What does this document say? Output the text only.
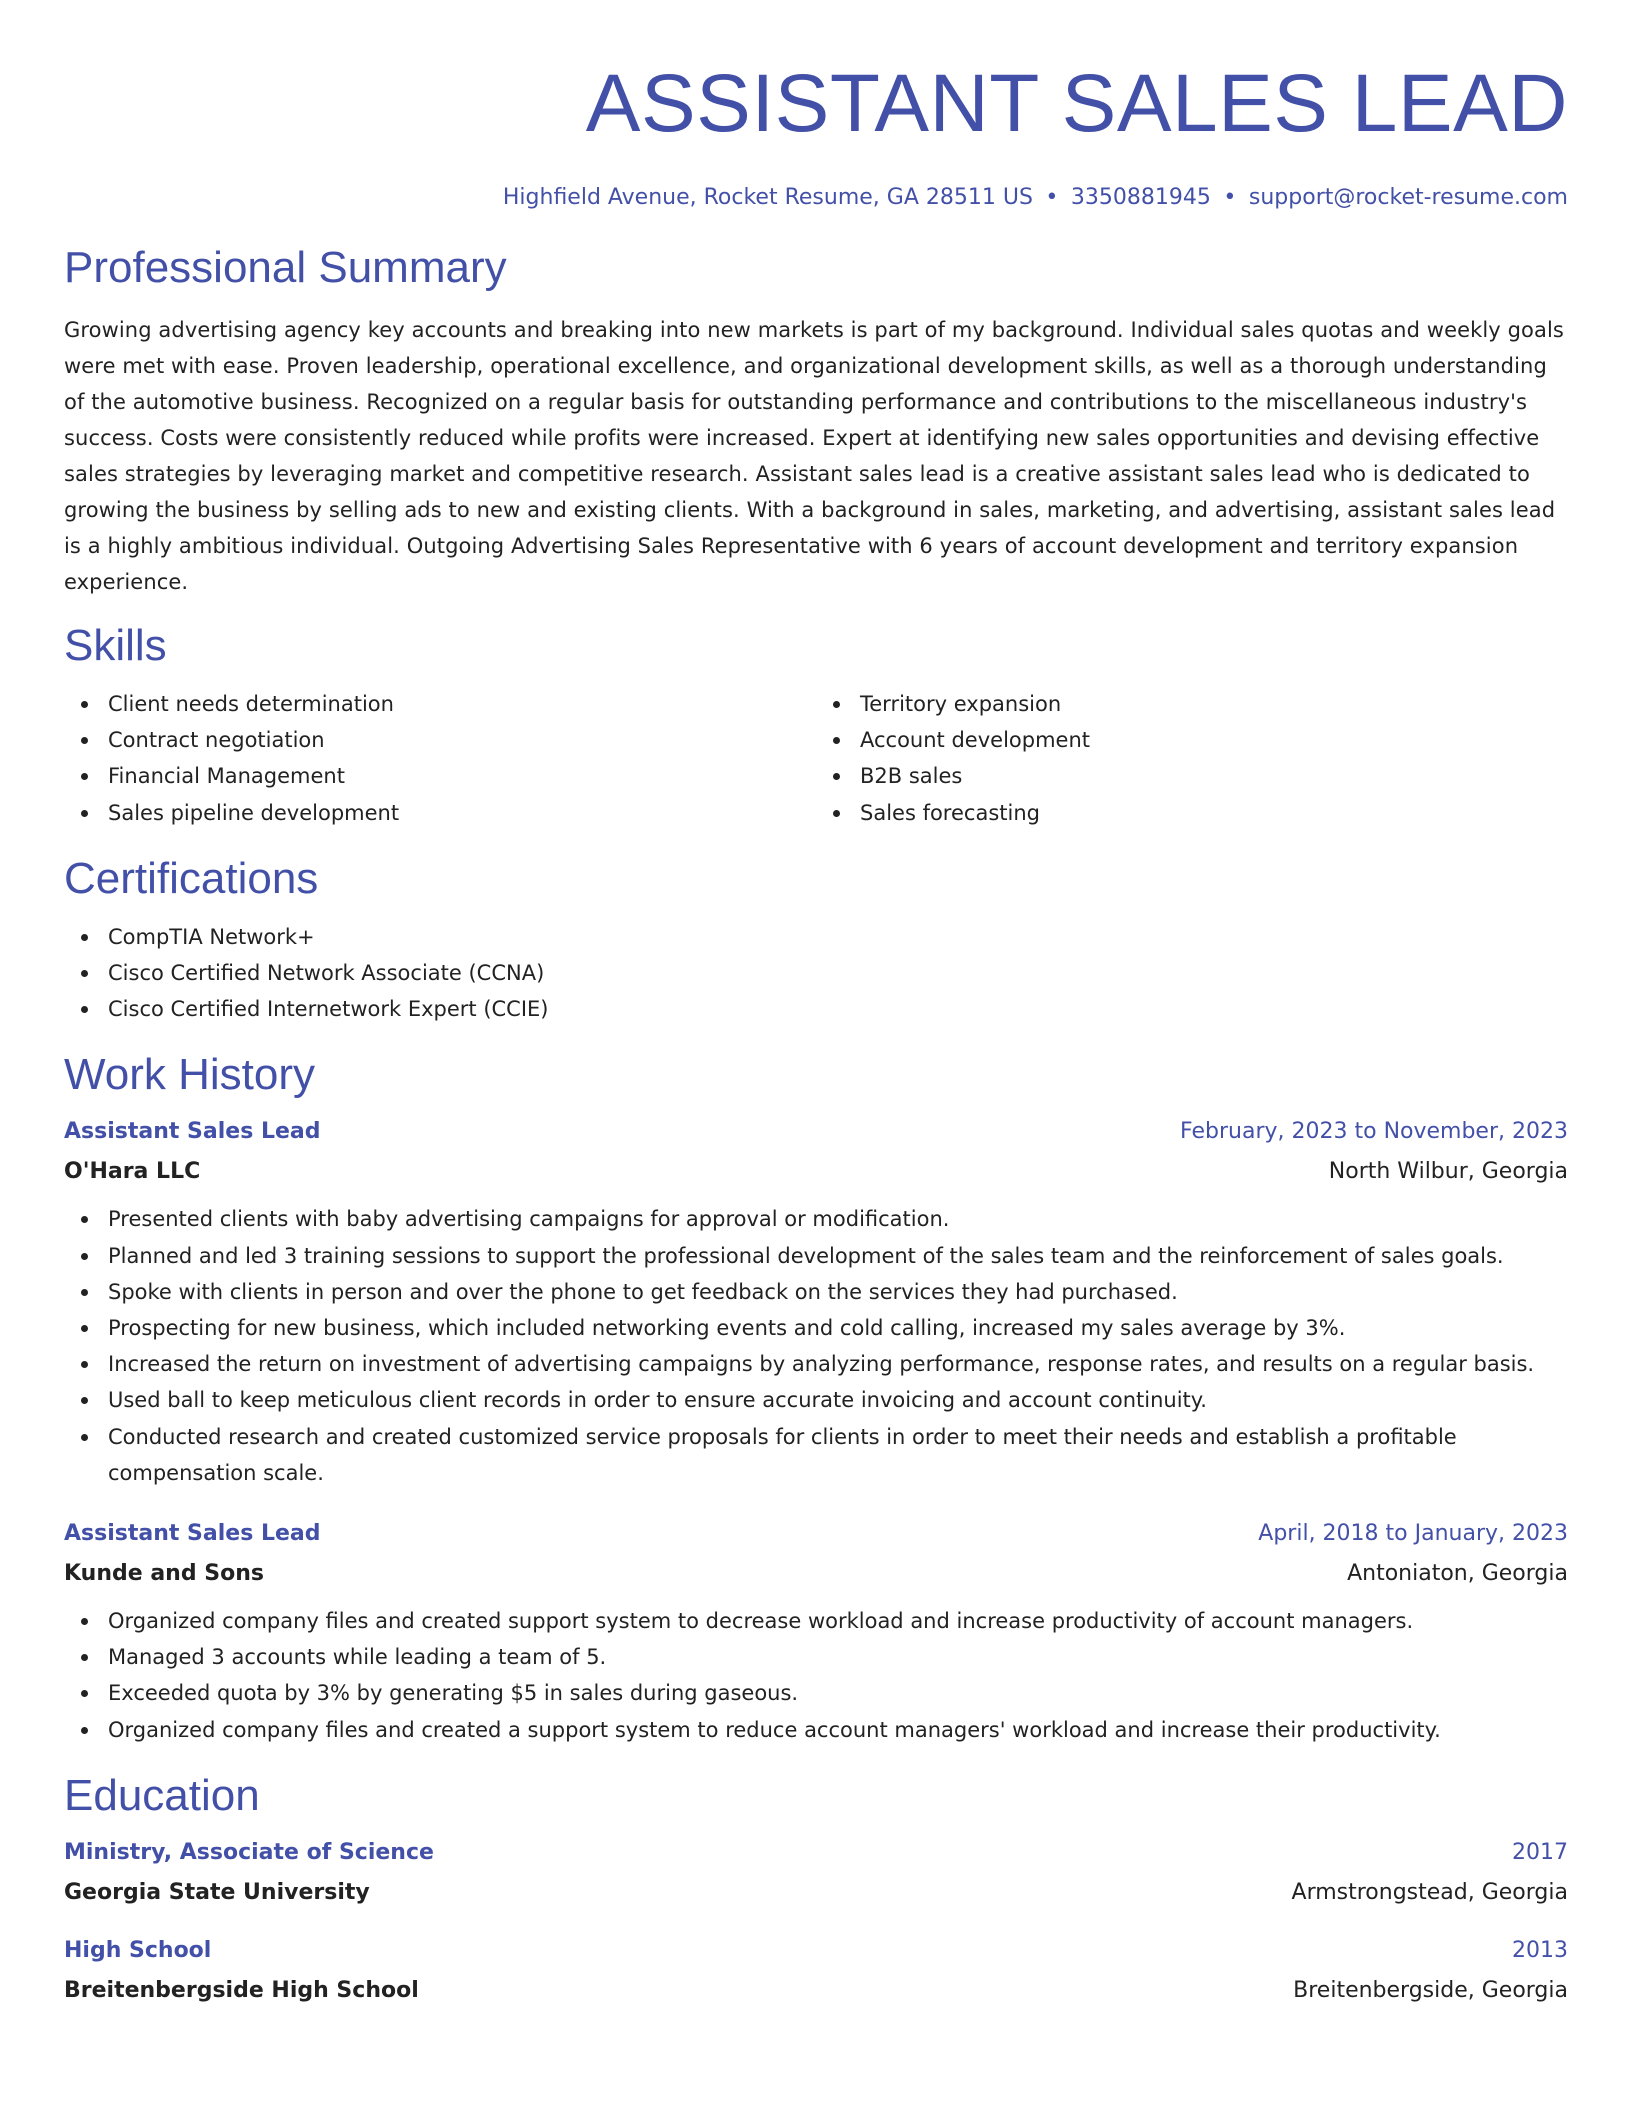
ASSISTANT SALES LEAD
Highfield Avenue, Rocket Resume, GA 28511 US • 3350881945 • support@rocket-resume.com
Professional Summary

Growing advertising agency key accounts and breaking into new markets is part of my background. Individual sales quotas and weekly goals were met with ease. Proven leadership, operational excellence, and organizational development skills, as well as a thorough understanding of the automotive business. Recognized on a regular basis for outstanding performance and contributions to the miscellaneous industry's success. Costs were consistently reduced while profits were increased. Expert at identifying new sales opportunities and devising effective sales strategies by leveraging market and competitive research. Assistant sales lead is a creative assistant sales lead who is dedicated to growing the business by selling ads to new and existing clients. With a background in sales, marketing, and advertising, assistant sales lead is a highly ambitious individual. Outgoing Advertising Sales Representative with 6 years of account development and territory expansion experience.

Skills
Client needs determination
Contract negotiation
Financial Management
Sales pipeline development
Territory expansion
Account development
B2B sales
Sales forecasting
Certifications
CompTIA Network+
Cisco Certified Network Associate (CCNA)
Cisco Certified Internetwork Expert (CCIE)
Work History
Assistant Sales Lead	February, 2023 to November, 2023
O'Hara LLC	North Wilbur, Georgia
Presented clients with baby advertising campaigns for approval or modification.
Planned and led 3 training sessions to support the professional development of the sales team and the reinforcement of sales goals.
Spoke with clients in person and over the phone to get feedback on the services they had purchased.
Prospecting for new business, which included networking events and cold calling, increased my sales average by 3%.
Increased the return on investment of advertising campaigns by analyzing performance, response rates, and results on a regular basis.
Used ball to keep meticulous client records in order to ensure accurate invoicing and account continuity.
Conducted research and created customized service proposals for clients in order to meet their needs and establish a profitable compensation scale.
Assistant Sales Lead	April, 2018 to January, 2023
Kunde and Sons	Antoniaton, Georgia
Organized company files and created support system to decrease workload and increase productivity of account managers.
Managed 3 accounts while leading a team of 5.
Exceeded quota by 3% by generating $5 in sales during gaseous.
Organized company files and created a support system to reduce account managers' workload and increase their productivity.
Education
Ministry, Associate of Science	2017
Georgia State University	Armstrongstead, Georgia
High School	2013
Breitenbergside High School	Breitenbergside, Georgia
